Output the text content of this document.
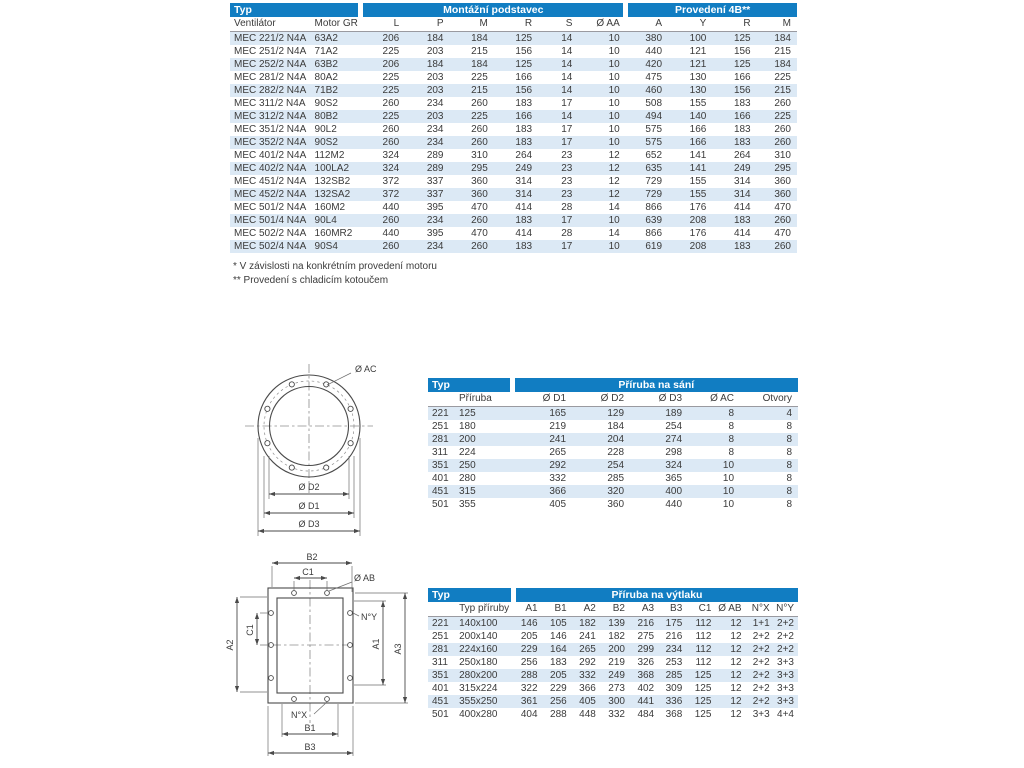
Typ		Montážní podstavec						Provedení 4B**			
Ventilátor	Motor GR	L	P	M	R	S	Ø AA	A	Y	R	M
MEC 221/2 N4A	63A2	206	184	184	125	14	10	380	100	125	184
MEC 251/2 N4A	71A2	225	203	215	156	14	10	440	121	156	215
MEC 252/2 N4A	63B2	206	184	184	125	14	10	420	121	125	184
MEC 281/2 N4A	80A2	225	203	225	166	14	10	475	130	166	225
MEC 282/2 N4A	71B2	225	203	215	156	14	10	460	130	156	215
MEC 311/2 N4A	90S2	260	234	260	183	17	10	508	155	183	260
MEC 312/2 N4A	80B2	225	203	225	166	14	10	494	140	166	225
MEC 351/2 N4A	90L2	260	234	260	183	17	10	575	166	183	260
MEC 352/2 N4A	90S2	260	234	260	183	17	10	575	166	183	260
MEC 401/2 N4A	112M2	324	289	310	264	23	12	652	141	264	310
MEC 402/2 N4A	100LA2	324	289	295	249	23	12	635	141	249	295
MEC 451/2 N4A	132SB2	372	337	360	314	23	12	729	155	314	360
MEC 452/2 N4A	132SA2	372	337	360	314	23	12	729	155	314	360
MEC 501/2 N4A	160M2	440	395	470	414	28	14	866	176	414	470
MEC 501/4 N4A	90L4	260	234	260	183	17	10	639	208	183	260
MEC 502/2 N4A	160MR2	440	395	470	414	28	14	866	176	414	470
MEC 502/4 N4A	90S4	260	234	260	183	17	10	619	208	183	260
* V závislosti na konkrétním provedení motoru
** Provedení s chladicím kotoučem
Ø AC
Ø D2
Ø D1
Ø D3
Typ		Příruba na sání				
	Příruba	Ø D1	Ø D2	Ø D3	Ø AC	Otvory
221	125	165	129	189	8	4
251	180	219	184	254	8	8
281	200	241	204	274	8	8
311	224	265	228	298	8	8
351	250	292	254	324	10	8
401	280	332	285	365	10	8
451	315	366	320	400	10	8
501	355	405	360	440	10	8
B2
C1
Ø AB
N°Y
A2
C1
A1 A3
N°X
B1
B3
Typ		Příruba na výtlaku									
	Typ příruby	A1	B1	A2	B2	A3	B3	C1	Ø AB	N°X	N°Y
221	140x100	146	105	182	139	216	175	112	12	1+1	2+2
251	200x140	205	146	241	182	275	216	112	12	2+2	2+2
281	224x160	229	164	265	200	299	234	112	12	2+2	2+2
311	250x180	256	183	292	219	326	253	112	12	2+2	3+3
351	280x200	288	205	332	249	368	285	125	12	2+2	3+3
401	315x224	322	229	366	273	402	309	125	12	2+2	3+3
451	355x250	361	256	405	300	441	336	125	12	2+2	3+3
501	400x280	404	288	448	332	484	368	125	12	3+3	4+4
